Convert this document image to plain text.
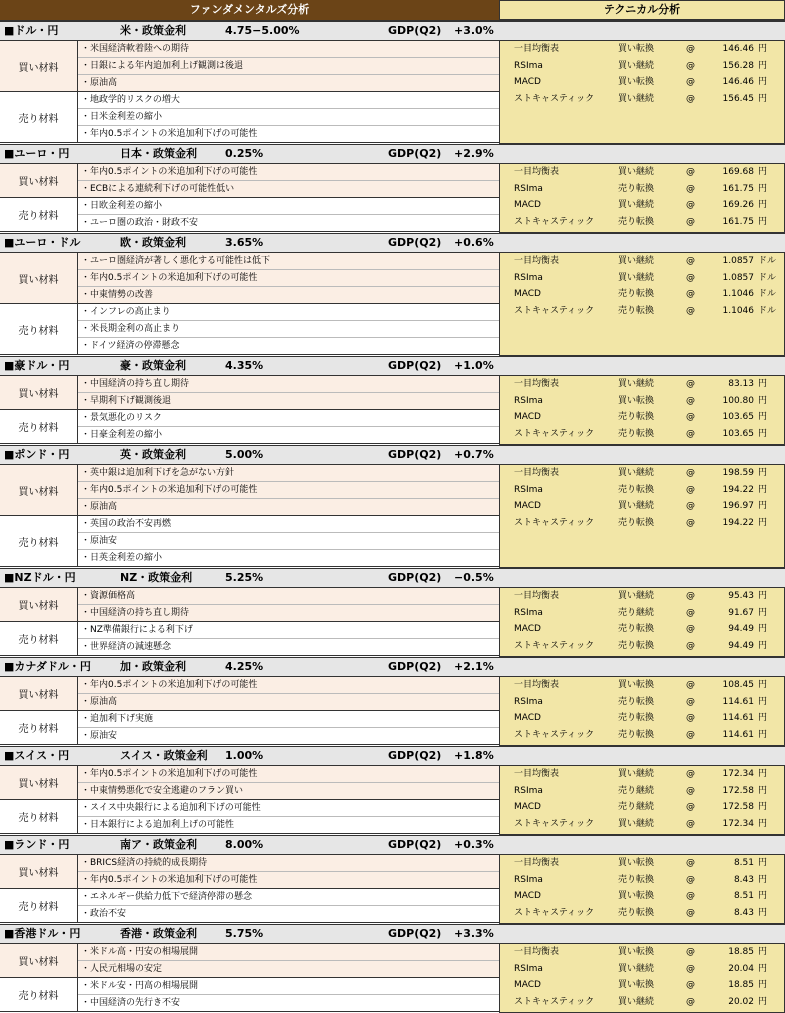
ファンダメンタルズ分析	テクニカル分析
■ドル・円	米・政策金利	4.75−5.00%	GDP(Q2) +3.0%
買い材料
・米国経済軟着陸への期待
・日銀による年内追加利上げ観測は後退
・原油高
売り材料
・地政学的リスクの増大
・日米金利差の縮小
・年内0.5ポイントの米追加利下げの可能性
一目均衡表	買い転換	@	146.46 円
RSIma	買い継続	@	156.28 円
MACD	買い転換	@	146.46 円
ストキャスティック	買い継続	@	156.45 円
■ユーロ・円	日本・政策金利	0.25%	GDP(Q2) +2.9%
買い材料
・年内0.5ポイントの米追加利下げの可能性
・ECBによる連続利下げの可能性低い
売り材料
・日欧金利差の縮小
・ユーロ圏の政治・財政不安
一目均衡表	買い継続	@	169.68 円
RSIma	売り転換	@	161.75 円
MACD	買い継続	@	169.26 円
ストキャスティック	売り転換	@	161.75 円
■ユーロ・ドル	欧・政策金利	3.65%	GDP(Q2) +0.6%
買い材料
・ユーロ圏経済が著しく悪化する可能性は低下
・年内0.5ポイントの米追加利下げの可能性
・中東情勢の改善
売り材料
・インフレの高止まり
・米長期金利の高止まり
・ドイツ経済の停滞懸念
一目均衡表	買い継続	@	1.0857 ドル
RSIma	買い継続	@	1.0857 ドル
MACD	売り転換	@	1.1046 ドル
ストキャスティック	売り転換	@	1.1046 ドル
■豪ドル・円	豪・政策金利	4.35%	GDP(Q2) +1.0%
買い材料
・中国経済の持ち直し期待
・早期利下げ観測後退
売り材料
・景気悪化のリスク
・日豪金利差の縮小
一目均衡表	買い継続	@	83.13 円
RSIma	買い転換	@	100.80 円
MACD	売り転換	@	103.65 円
ストキャスティック	売り転換	@	103.65 円
■ポンド・円	英・政策金利	5.00%	GDP(Q2) +0.7%
買い材料
・英中銀は追加利下げを急がない方針
・年内0.5ポイントの米追加利下げの可能性
・原油高
売り材料
・英国の政治不安再燃
・原油安
・日英金利差の縮小
一目均衡表	買い継続	@	198.59 円
RSIma	売り転換	@	194.22 円
MACD	買い継続	@	196.97 円
ストキャスティック	売り転換	@	194.22 円
■NZドル・円	NZ・政策金利	5.25%	GDP(Q2) −0.5%
買い材料
・資源価格高
・中国経済の持ち直し期待
売り材料
・NZ準備銀行による利下げ
・世界経済の減速懸念
一目均衡表	買い継続	@	95.43 円
RSIma	売り継続	@	91.67 円
MACD	売り転換	@	94.49 円
ストキャスティック	売り転換	@	94.49 円
■カナダドル・円	加・政策金利	4.25%	GDP(Q2) +2.1%
買い材料
・年内0.5ポイントの米追加利下げの可能性
・原油高
売り材料
・追加利下げ実施
・原油安
一目均衡表	買い転換	@	108.45 円
RSIma	売り転換	@	114.61 円
MACD	売り転換	@	114.61 円
ストキャスティック	売り転換	@	114.61 円
■スイス・円	スイス・政策金利 1.00%	GDP(Q2) +1.8%
買い材料
・年内0.5ポイントの米追加利下げの可能性
・中東情勢悪化で安全逃避のフラン買い
売り材料
・スイス中央銀行による追加利下げの可能性
・日本銀行による追加利上げの可能性
一目均衡表	買い継続	@	172.34 円
RSIma	売り継続	@	172.58 円
MACD	売り継続	@	172.58 円
ストキャスティック	買い継続	@	172.34 円
■ランド・円	南ア・政策金利	8.00%	GDP(Q2) +0.3%
買い材料
・BRICS経済の持続的成長期待
・年内0.5ポイントの米追加利下げの可能性
売り材料
・エネルギー供給力低下で経済停滞の懸念
・政治不安
一目均衡表	買い転換	@	8.51 円
RSIma	売り転換	@	8.43 円
MACD	買い転換	@	8.51 円
ストキャスティック	売り転換	@	8.43 円
■香港ドル・円	香港・政策金利	5.75%	GDP(Q2) +3.3%
買い材料
・米ドル高・円安の相場展開
・人民元相場の安定
売り材料
・米ドル安・円高の相場展開
・中国経済の先行き不安
一目均衡表	買い転換	@	18.85 円
RSIma	買い継続	@	20.04 円
MACD	買い転換	@	18.85 円
ストキャスティック	買い継続	@	20.02 円
